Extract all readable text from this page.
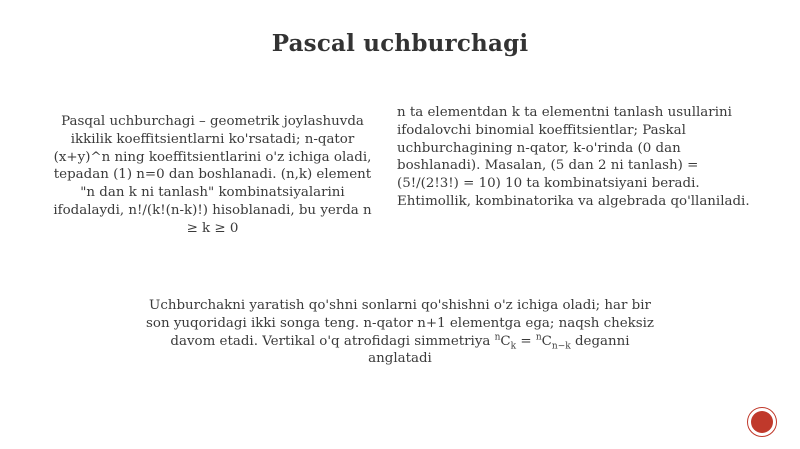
Pascal uchburchagi
Pasqal uchburchagi – geometrik joylashuvda ikkilik koeffitsientlarni ko'rsatadi; n-qator (x+y)^n ning koeffitsientlarini o'z ichiga oladi, tepadan (1) n=0 dan boshlanadi. (n,k) element "n dan k ni tanlash" kombinatsiyalarini ifodalaydi, n!/(k!(n-k)!) hisoblanadi, bu yerda n ≥ k ≥ 0
n ta elementdan k ta elementni tanlash usullarini ifodalovchi binomial koeffitsientlar; Paskal uchburchagining n-qator, k-o'rinda (0 dan boshlanadi). Masalan, (5 dan 2 ni tanlash) = (5!/(2!3!) = 10) 10 ta kombinatsiyani beradi. Ehtimollik, kombinatorika va algebrada qo'llaniladi.
Uchburchakni yaratish qo'shni sonlarni qo'shishni o'z ichiga oladi; har bir son yuqoridagi ikki songa teng. n-qator n+1 elementga ega; naqsh cheksiz davom etadi. Vertikal o'q atrofidagi simmetriya $^nC_k = ^nC_{n-k}$ deganni anglatadi
